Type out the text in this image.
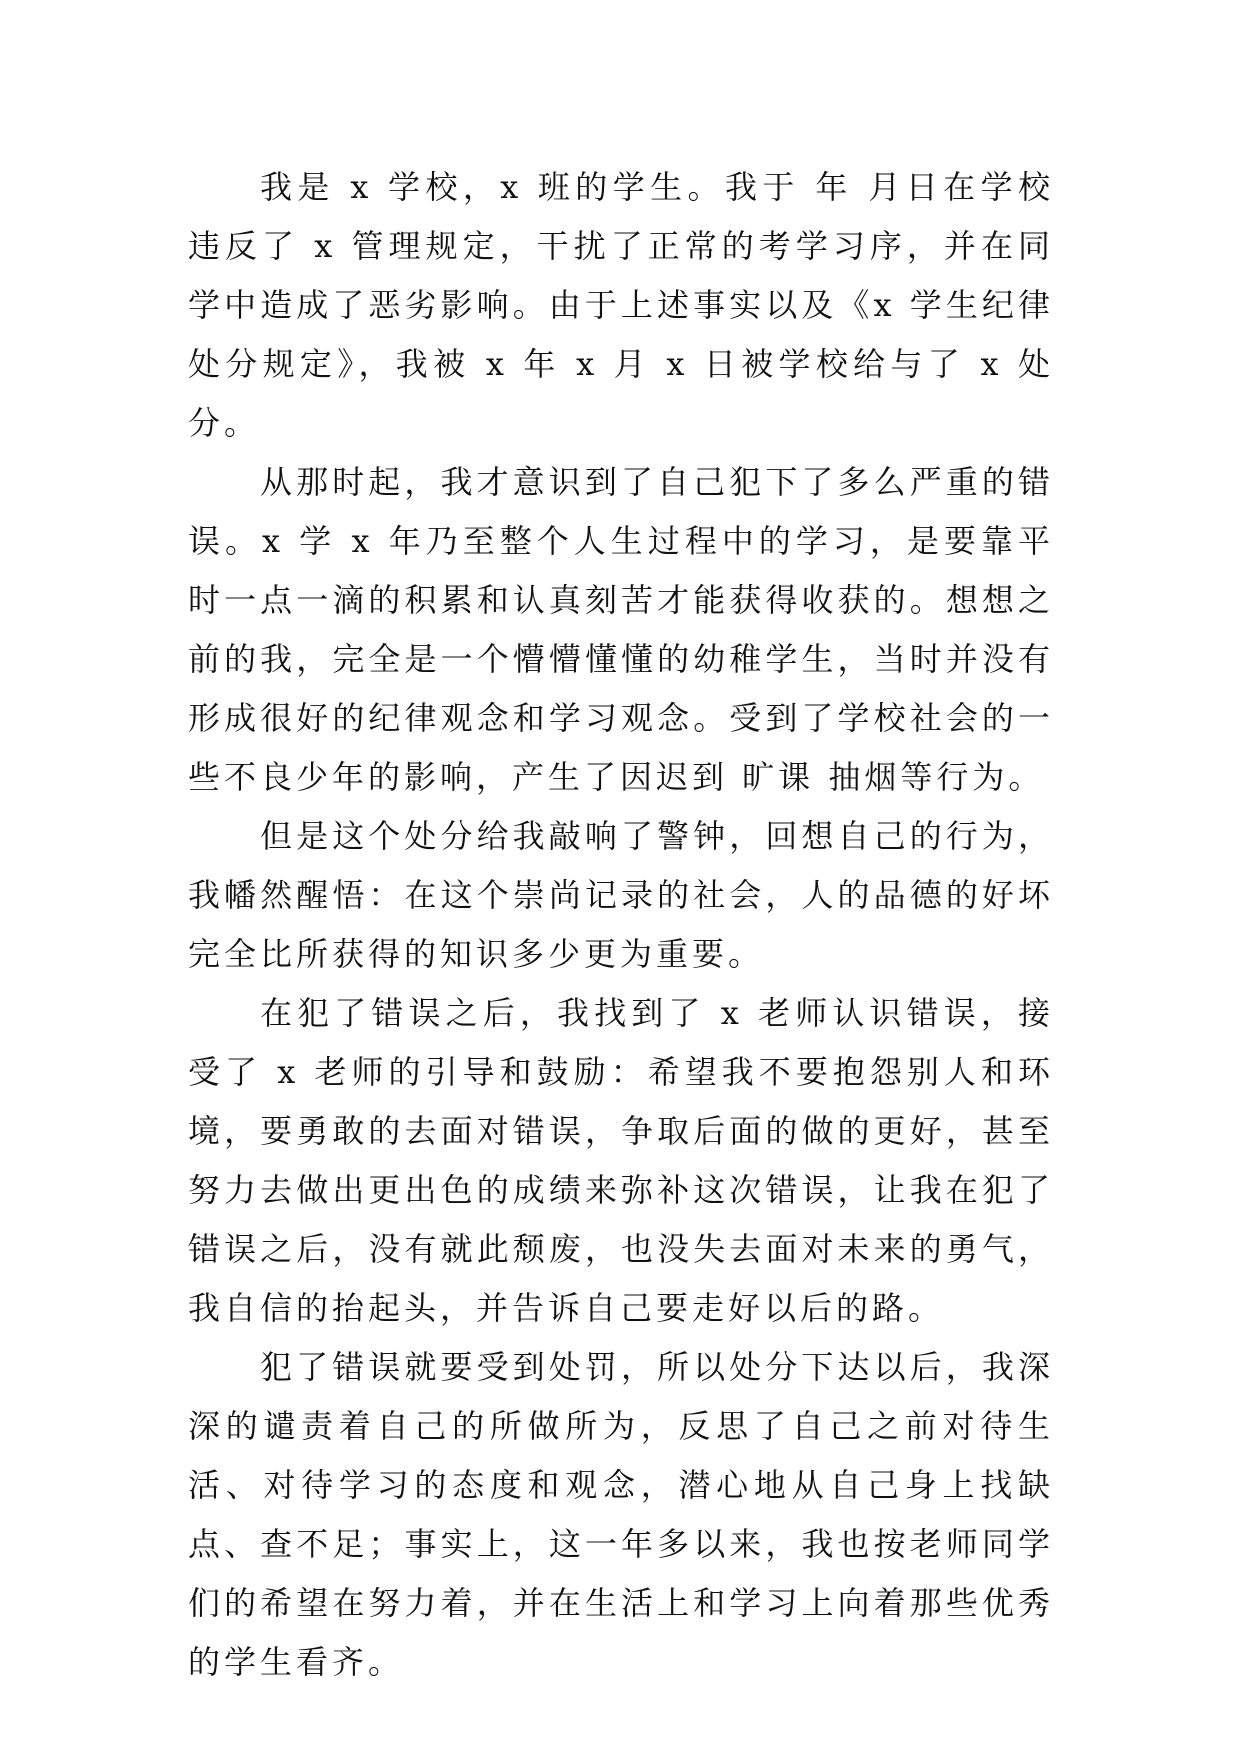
我是 x 学校，x 班的学生。我于 年 月日在学校违反了 x 管理规定，干扰了正常的考学习序，并在同学中造成了恶劣影响。由于上述事实以及《x 学生纪律处分规定》，我被 x 年 x 月 x 日被学校给与了 x 处分。

从那时起，我才意识到了自己犯下了多么严重的错误。x 学 x 年乃至整个人生过程中的学习，是要靠平时一点一滴的积累和认真刻苦才能获得收获的。想想之前的我，完全是一个懵懵懂懂的幼稚学生，当时并没有形成很好的纪律观念和学习观念。受到了学校社会的一些不良少年的影响，产生了因迟到 旷课 抽烟等行为。

但是这个处分给我敲响了警钟，回想自己的行为，我幡然醒悟：在这个崇尚记录的社会，人的品德的好坏完全比所获得的知识多少更为重要。

在犯了错误之后，我找到了 x 老师认识错误，接受了 x 老师的引导和鼓励：希望我不要抱怨别人和环境，要勇敢的去面对错误，争取后面的做的更好，甚至努力去做出更出色的成绩来弥补这次错误，让我在犯了错误之后，没有就此颓废，也没失去面对未来的勇气，我自信的抬起头，并告诉自己要走好以后的路。

犯了错误就要受到处罚，所以处分下达以后，我深深的谴责着自己的所做所为，反思了自己之前对待生活、对待学习的态度和观念，潜心地从自己身上找缺点、查不足；事实上，这一年多以来，我也按老师同学们的希望在努力着，并在生活上和学习上向着那些优秀的学生看齐。
